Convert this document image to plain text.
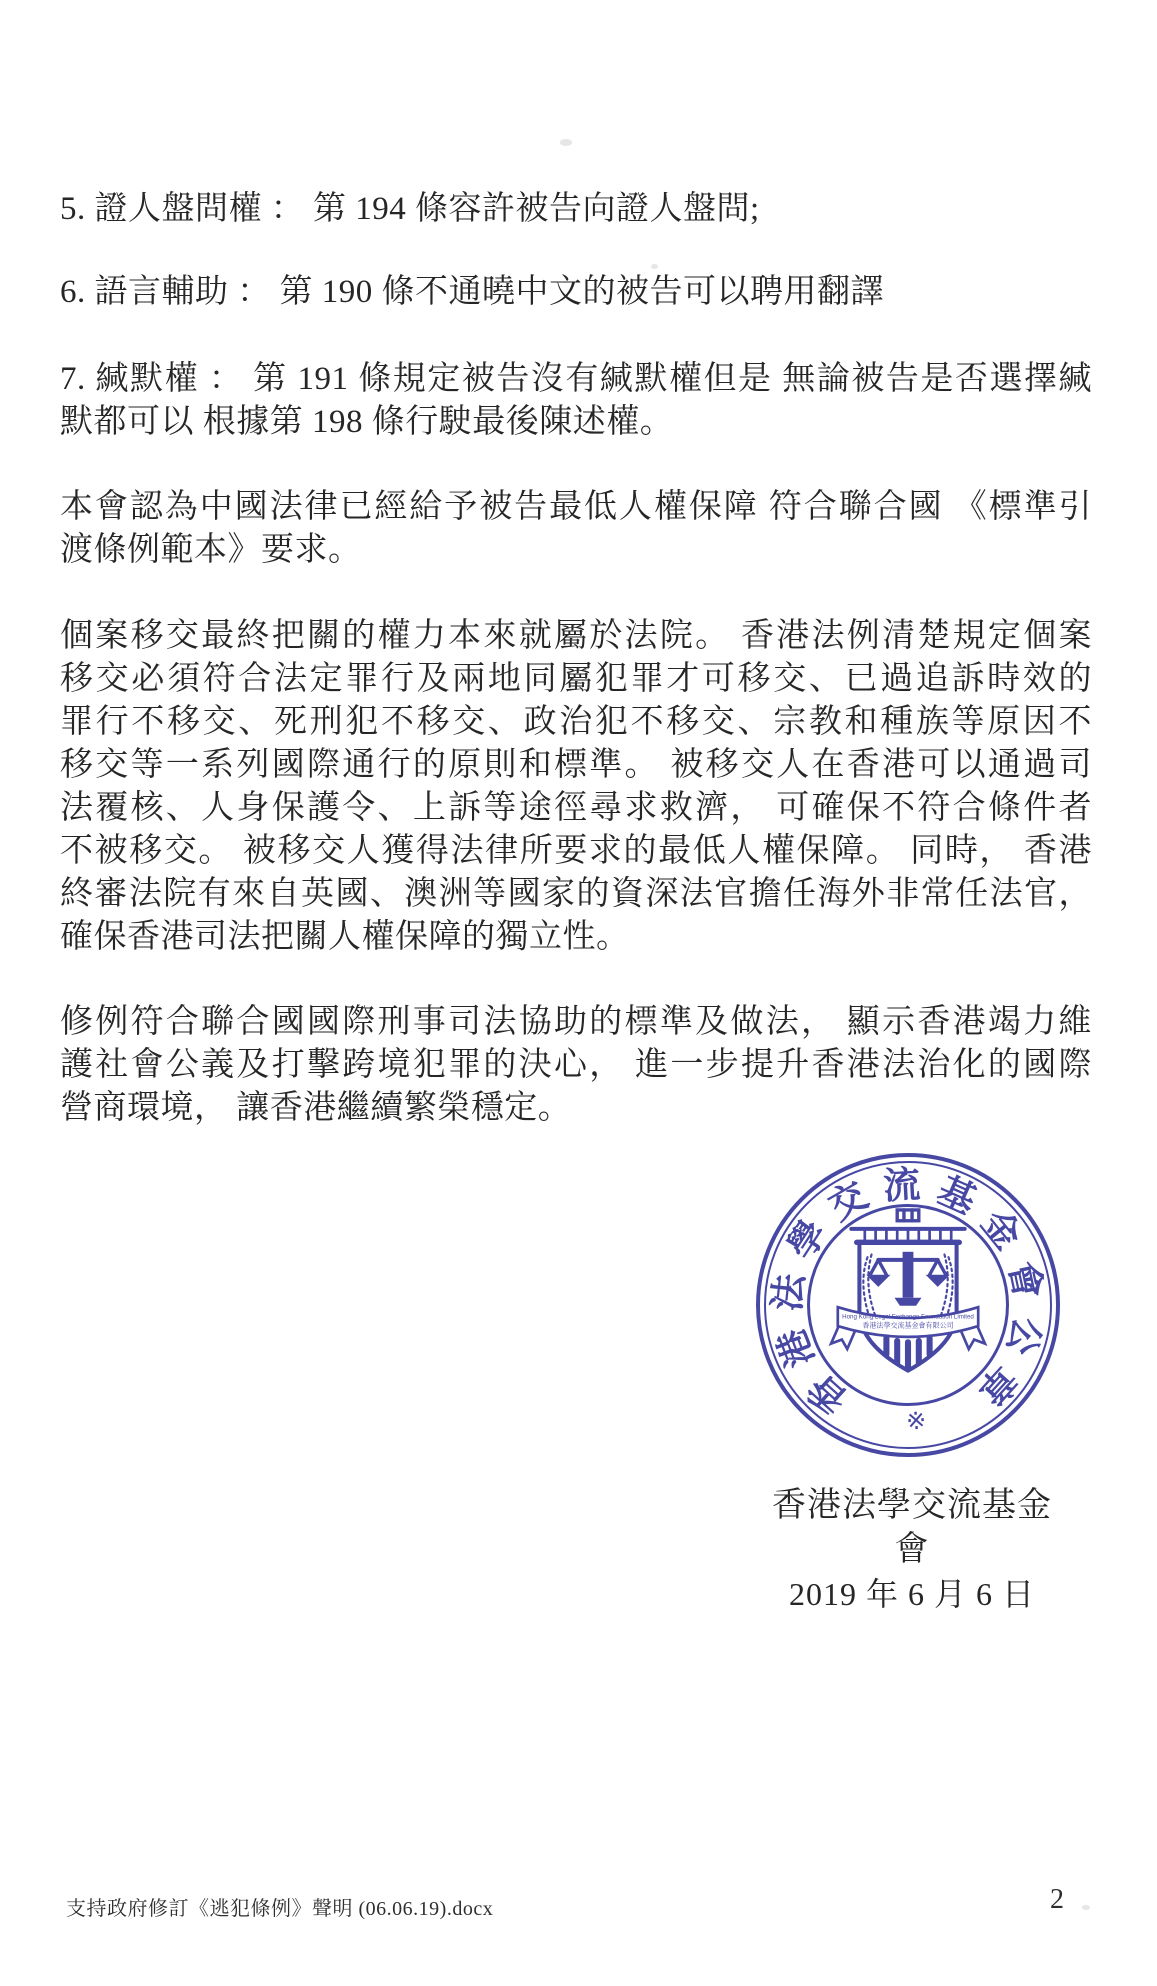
5. 證人盤問權 ： 第 194 條容許被告向證人盤問;
6. 語言輔助 ： 第 190 條不通曉中文的被告可以聘用翻譯
7. 緘默權 ： 第 191 條規定被告沒有緘默權但是 無論被告是否選擇緘
默都可以 根據第 198 條行駛最後陳述權。
本會認為中國法律已經給予被告最低人權保障 符合聯合國 《標準引
渡條例範本》要求。
個案移交最終把關的權力本來就屬於法院。 香港法例清楚規定個案
移交必須符合法定罪行及兩地同屬犯罪才可移交、已過追訴時效的
罪行不移交、死刑犯不移交、政治犯不移交、宗教和種族等原因不
移交等一系列國際通行的原則和標準。 被移交人在香港可以通過司
法覆核、人身保護令、上訴等途徑尋求救濟， 可確保不符合條件者
不被移交。 被移交人獲得法律所要求的最低人權保障。 同時， 香港
終審法院有來自英國、澳洲等國家的資深法官擔任海外非常任法官，
確保香港司法把關人權保障的獨立性。
修例符合聯合國國際刑事司法協助的標準及做法， 顯示香港竭力維
護社會公義及打擊跨境犯罪的決心， 進一步提升香港法治化的國際
營商環境， 讓香港繼續繁榮穩定。
香
港
法
學
交 流 基
金
會
公
章
※
Hong Kong Legal Exchange Foundation Limited
香港法學交流基金會有限公司
香港法學交流基金會
2019 年 6 月 6 日
支持政府修訂《逃犯條例》聲明 (06.06.19).docx	2
